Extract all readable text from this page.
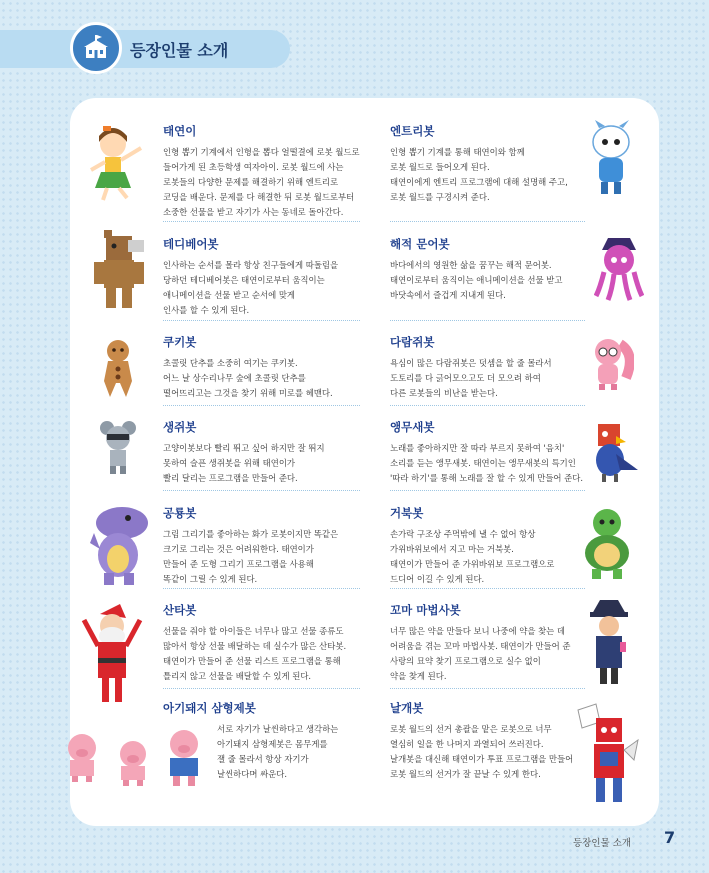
등장인물 소개
태연이
인형 뽑기 기계에서 인형을 뽑다 얼떨결에 로봇 월드로
들어가게 된 초등학생 여자아이. 로봇 월드에 사는
로봇들의 다양한 문제를 해결하기 위해 엔트리로
코딩을 배운다. 문제를 다 해결한 뒤 로봇 월드로부터
소중한 선물을 받고 자기가 사는 동네로 돌아간다.
테디베어봇
인사하는 순서를 몰라 항상 친구들에게 따돌림을
당하던 테디베어봇은 태연이로부터 움직이는
애니메이션을 선물 받고 순서에 맞게
인사를 할 수 있게 된다.
쿠키봇
초콜릿 단추를 소중히 여기는 쿠키봇.
어느 날 상수리나무 숲에 초콜릿 단추를
떨어뜨리고는 그것을 찾기 위해 미로를 헤맨다.
생쥐봇
고양이봇보다 빨리 뛰고 싶어 하지만 잘 뛰지
못하여 슬픈 생쥐봇을 위해 태연이가
빨리 달리는 프로그램을 만들어 준다.
공룡봇
그림 그리기를 좋아하는 화가 로봇이지만 똑같은
크기로 그리는 것은 어려워한다. 태연이가
만들어 준 도형 그리기 프로그램을 사용해
똑같이 그릴 수 있게 된다.
산타봇
선물을 줘야 할 아이들은 너무나 많고 선물 종류도
많아서 항상 선물 배달하는 데 실수가 많은 산타봇.
태연이가 만들어 준 선물 리스트 프로그램을 통해
틀리지 않고 선물을 배달할 수 있게 된다.
아기돼지 삼형제봇
서로 자기가 날씬하다고 생각하는
아기돼지 삼형제봇은 몸무게를
잴 줄 몰라서 항상 자기가
날씬하다며 싸운다.
엔트리봇
인형 뽑기 기계를 통해 태연이와 함께
로봇 월드로 들어오게 된다.
태연이에게 엔트리 프로그램에 대해 설명해 주고,
로봇 월드를 구경시켜 준다.
해적 문어봇
바다에서의 영원한 삶을 꿈꾸는 해적 문어봇.
태연이로부터 움직이는 애니메이션을 선물 받고
바닷속에서 즐겁게 지내게 된다.
다람쥐봇
욕심이 많은 다람쥐봇은 덧셈을 할 줄 몰라서
도토리를 다 긁어모으고도 더 모으려 하여
다른 로봇들의 비난을 받는다.
앵무새봇
노래를 좋아하지만 잘 따라 부르지 못하여 '음치'
소리를 듣는 앵무새봇. 태연이는 앵무새봇의 특기인
'따라 하기'를 통해 노래를 잘 할 수 있게 만들어 준다.
거북봇
손가락 구조상 주먹밖에 낼 수 없어 항상
가위바위보에서 지고 마는 거북봇.
태연이가 만들어 준 가위바위보 프로그램으로
드디어 이길 수 있게 된다.
꼬마 마법사봇
너무 많은 약을 만들다 보니 나중에 약을 찾는 데
어려움을 겪는 꼬마 마법사봇. 태연이가 만들어 준
사랑의 묘약 찾기 프로그램으로 실수 없이
약을 찾게 된다.
날개봇
로봇 월드의 선거 총괄을 맡은 로봇으로 너무
열심히 일을 한 나머지 과열되어 쓰러진다.
날개봇을 대신해 태연이가 투표 프로그램을 만들어
로봇 월드의 선거가 잘 끝날 수 있게 한다.
등장인물 소개 7
